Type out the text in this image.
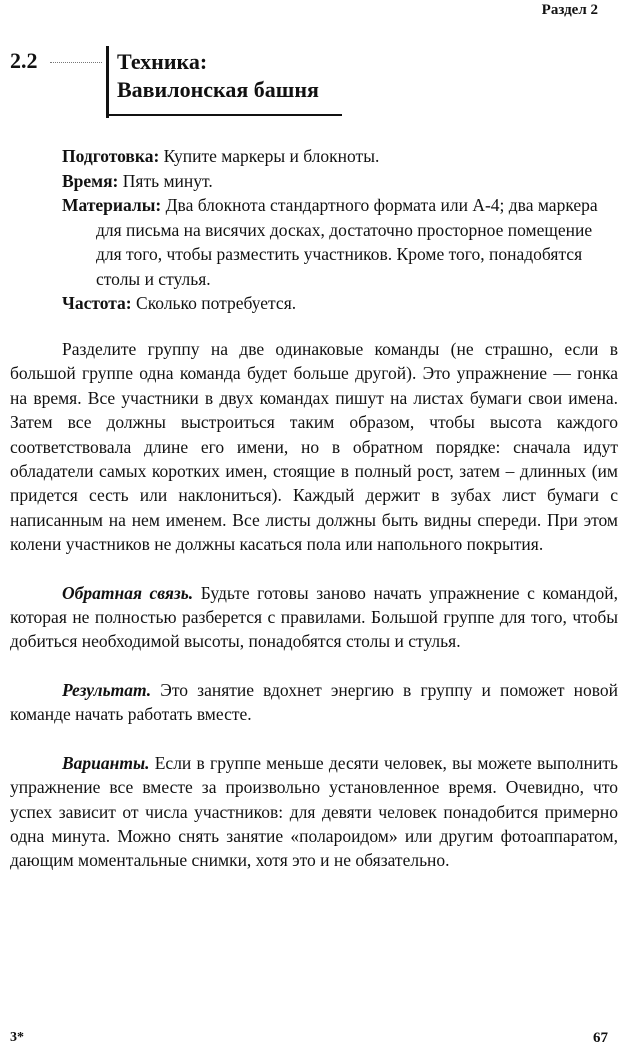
Раздел 2
2.2	Техника:
Вавилонская башня

Подготовка: Купите маркеры и блокноты.

Время: Пять минут.

Материалы: Два блокнота стандартного формата или А-4; два маркера для письма на висячих досках, достаточно просторное помещение для того, чтобы разместить участников. Кроме того, понадобятся столы и стулья.

Частота: Сколько потребуется.

Разделите группу на две одинаковые команды (не страшно, если в большой группе одна команда будет больше другой). Это упражнение — гонка на время. Все участники в двух командах пишут на листах бумаги свои имена. Затем все должны выстроиться таким образом, чтобы высота каждого соответствовала длине его имени, но в обратном порядке: сначала идут обладатели самых коротких имен, стоящие в полный рост, затем – длинных (им придется сесть или наклониться). Каждый держит в зубах лист бумаги с написанным на нем именем. Все листы должны быть видны спереди. При этом колени участников не должны касаться пола или напольного покрытия.

Обратная связь. Будьте готовы заново начать упражнение с командой, которая не полностью разберется с правилами. Большой группе для того, чтобы добиться необходимой высоты, понадобятся столы и стулья.

Результат. Это занятие вдохнет энергию в группу и поможет новой команде начать работать вместе.

Варианты. Если в группе меньше десяти человек, вы можете выполнить упражнение все вместе за произвольно установленное время. Очевидно, что успех зависит от числа участников: для девяти человек понадобится примерно одна минута. Можно снять занятие «полароидом» или другим фотоаппаратом, дающим моментальные снимки, хотя это и не обязательно.

3*	67
